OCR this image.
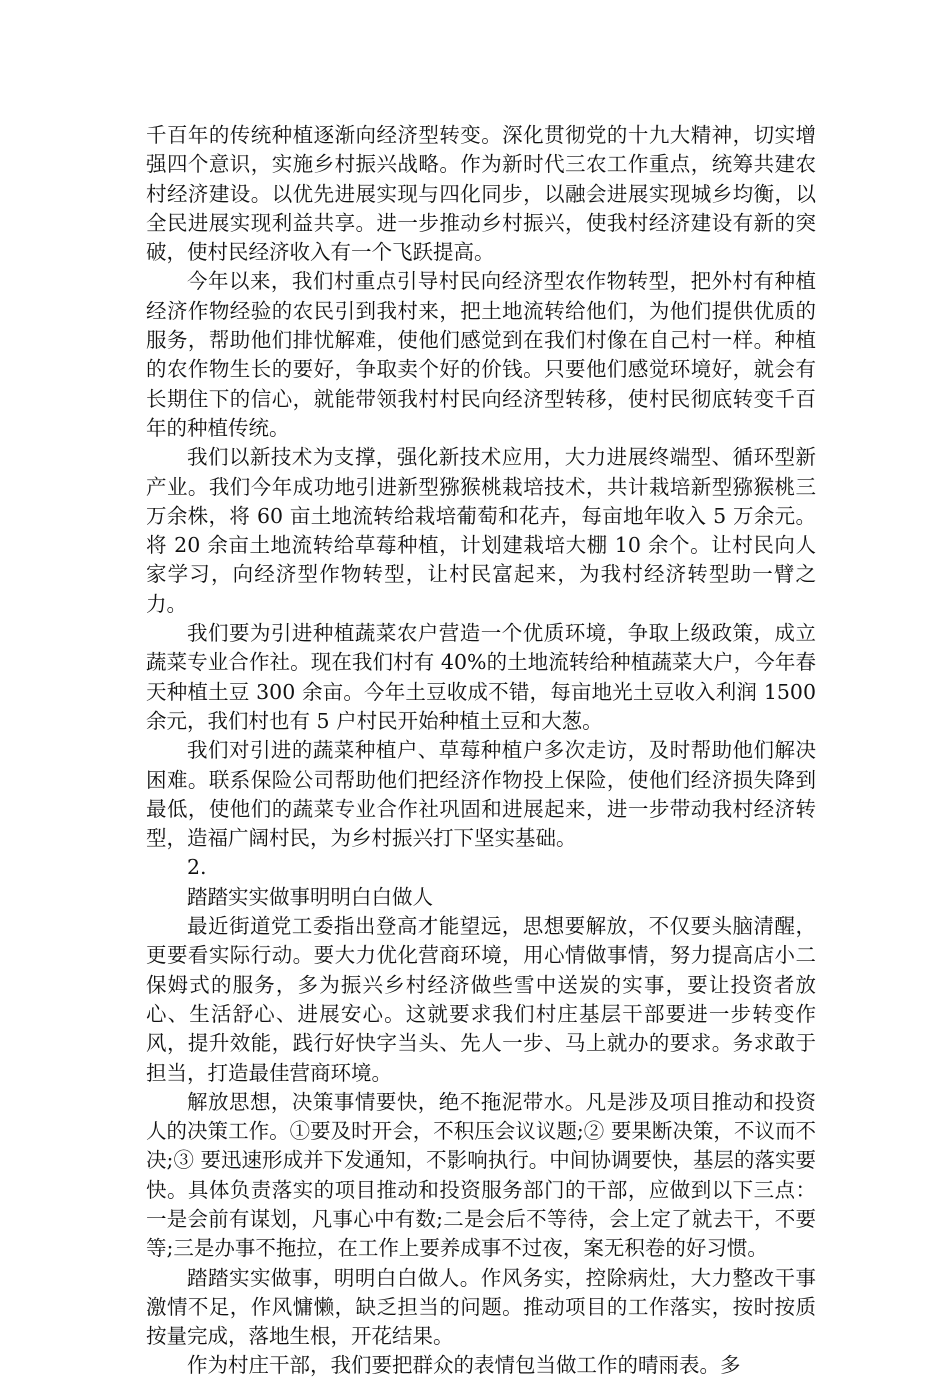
千百年的传统种植逐渐向经济型转变。深化贯彻党的十九大精神，切实增强四个意识，实施乡村振兴战略。作为新时代三农工作重点，统筹共建农村经济建设。以优先进展实现与四化同步，以融会进展实现城乡均衡，以全民进展实现利益共享。进一步推动乡村振兴，使我村经济建设有新的突破，使村民经济收入有一个飞跃提高。

今年以来，我们村重点引导村民向经济型农作物转型，把外村有种植经济作物经验的农民引到我村来，把土地流转给他们，为他们提供优质的服务，帮助他们排忧解难，使他们感觉到在我们村像在自己村一样。种植的农作物生长的要好，争取卖个好的价钱。只要他们感觉环境好，就会有长期住下的信心，就能带领我村村民向经济型转移，使村民彻底转变千百年的种植传统。

我们以新技术为支撑，强化新技术应用，大力进展终端型、循环型新产业。我们今年成功地引进新型猕猴桃栽培技术，共计栽培新型猕猴桃三万余株，将 60 亩土地流转给栽培葡萄和花卉，每亩地年收入 5 万余元。将 20 余亩土地流转给草莓种植，计划建栽培大棚 10 余个。让村民向人家学习，向经济型作物转型，让村民富起来，为我村经济转型助一臂之力。

我们要为引进种植蔬菜农户营造一个优质环境，争取上级政策，成立蔬菜专业合作社。现在我们村有 40%的土地流转给种植蔬菜大户，今年春天种植土豆 300 余亩。今年土豆收成不错，每亩地光土豆收入利润 1500 余元，我们村也有 5 户村民开始种植土豆和大葱。

我们对引进的蔬菜种植户、草莓种植户多次走访，及时帮助他们解决困难。联系保险公司帮助他们把经济作物投上保险，使他们经济损失降到最低，使他们的蔬菜专业合作社巩固和进展起来，进一步带动我村经济转型，造福广阔村民，为乡村振兴打下坚实基础。

2.

踏踏实实做事明明白白做人

最近街道党工委指出登高才能望远，思想要解放，不仅要头脑清醒，更要看实际行动。要大力优化营商环境，用心情做事情，努力提高店小二保姆式的服务，多为振兴乡村经济做些雪中送炭的实事，要让投资者放心、生活舒心、进展安心。这就要求我们村庄基层干部要进一步转变作风，提升效能，践行好快字当头、先人一步、马上就办的要求。务求敢于担当，打造最佳营商环境。

解放思想，决策事情要快，绝不拖泥带水。凡是涉及项目推动和投资人的决策工作。①要及时开会，不积压会议议题;② 要果断决策，不议而不决;③ 要迅速形成并下发通知，不影响执行。中间协调要快，基层的落实要快。具体负责落实的项目推动和投资服务部门的干部，应做到以下三点：一是会前有谋划，凡事心中有数;二是会后不等待，会上定了就去干，不要等;三是办事不拖拉，在工作上要养成事不过夜，案无积卷的好习惯。

踏踏实实做事，明明白白做人。作风务实，控除病灶，大力整改干事激情不足，作风慵懒，缺乏担当的问题。推动项目的工作落实，按时按质按量完成，落地生根，开花结果。

作为村庄干部，我们要把群众的表情包当做工作的晴雨表。多
